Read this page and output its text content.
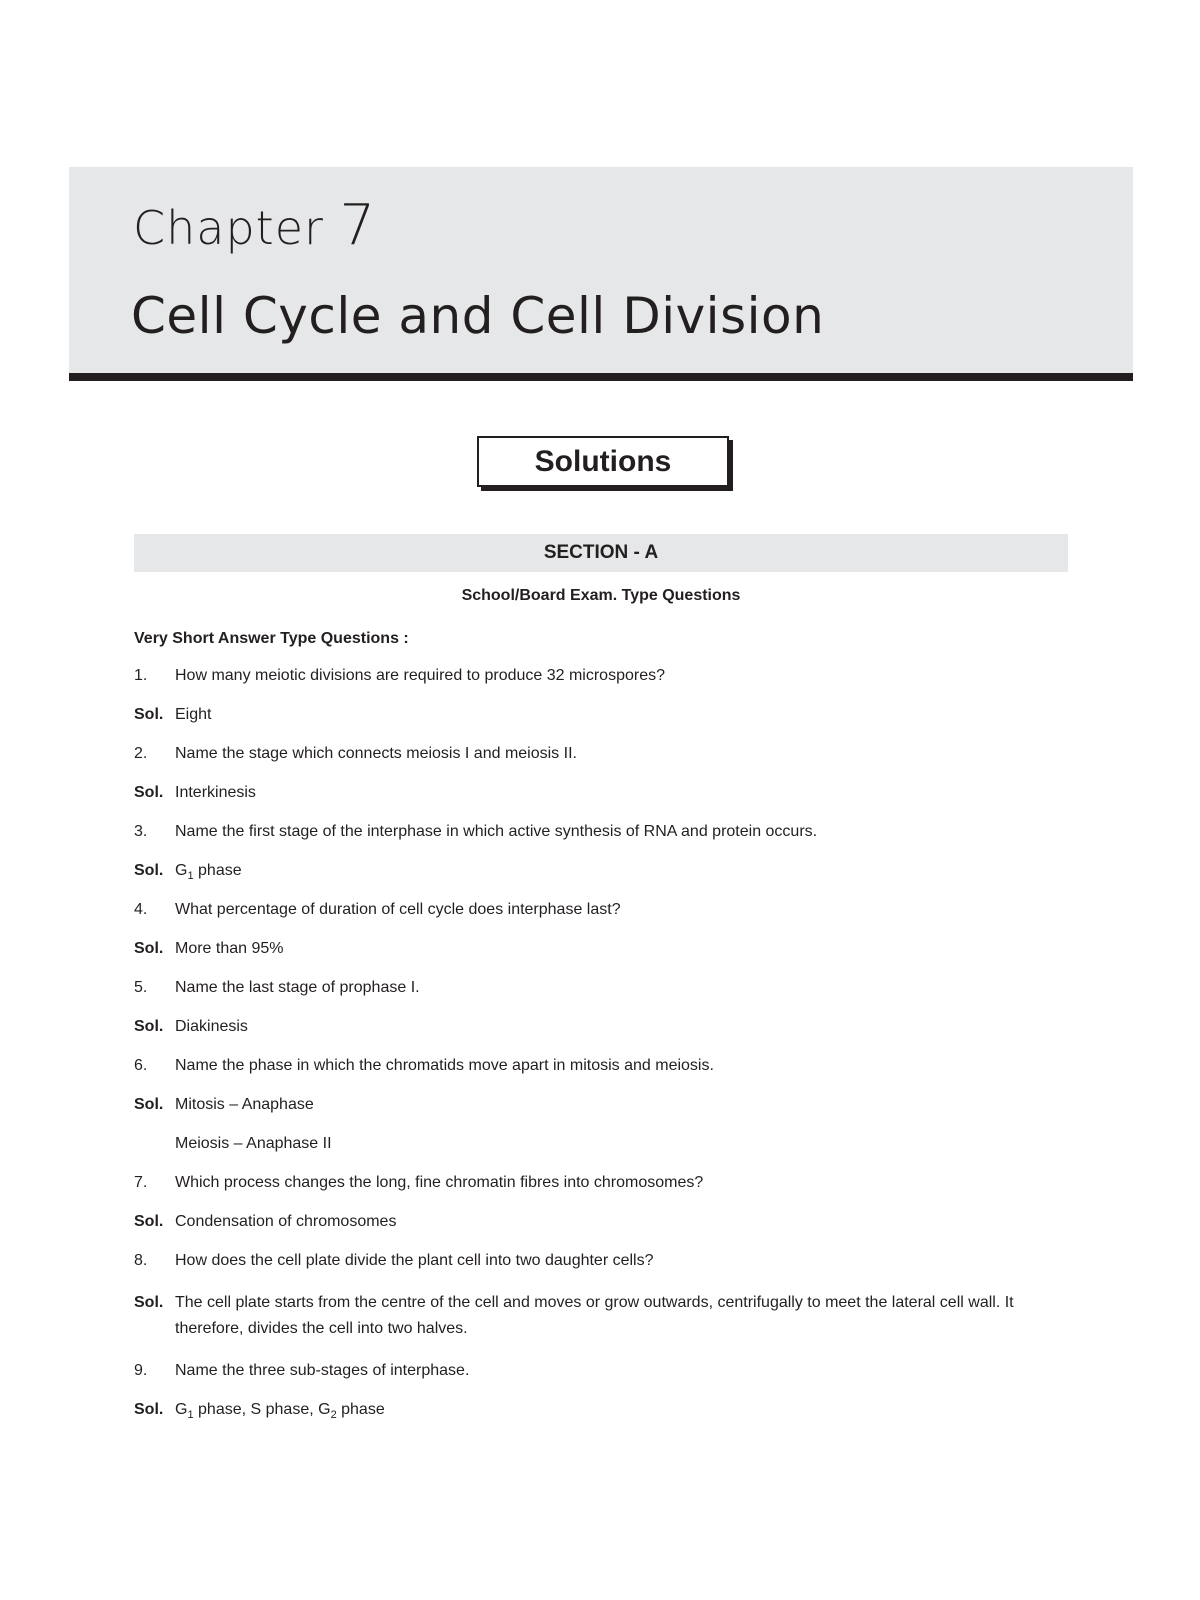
Chapter 7
Cell Cycle and Cell Division
Solutions
SECTION - A
School/Board Exam. Type Questions
Very Short Answer Type Questions :
1.	How many meiotic divisions are required to produce 32 microspores?
Sol. Eight
2.	Name the stage which connects meiosis I and meiosis II.
Sol. Interkinesis
3.	Name the first stage of the interphase in which active synthesis of RNA and protein occurs.
Sol. $G_1$ phase
4.	What percentage of duration of cell cycle does interphase last?
Sol. More than 95%
5.	Name the last stage of prophase I.
Sol. Diakinesis
6.	Name the phase in which the chromatids move apart in mitosis and meiosis.
Sol. Mitosis – Anaphase
Meiosis – Anaphase II
7.	Which process changes the long, fine chromatin fibres into chromosomes?
Sol. Condensation of chromosomes
8.	How does the cell plate divide the plant cell into two daughter cells?
Sol. The cell plate starts from the centre of the cell and moves or grow outwards, centrifugally to meet the lateral cell wall. It therefore, divides the cell into two halves.
9.	Name the three sub-stages of interphase.
Sol. $G_1$ phase, S phase, $G_2$ phase
